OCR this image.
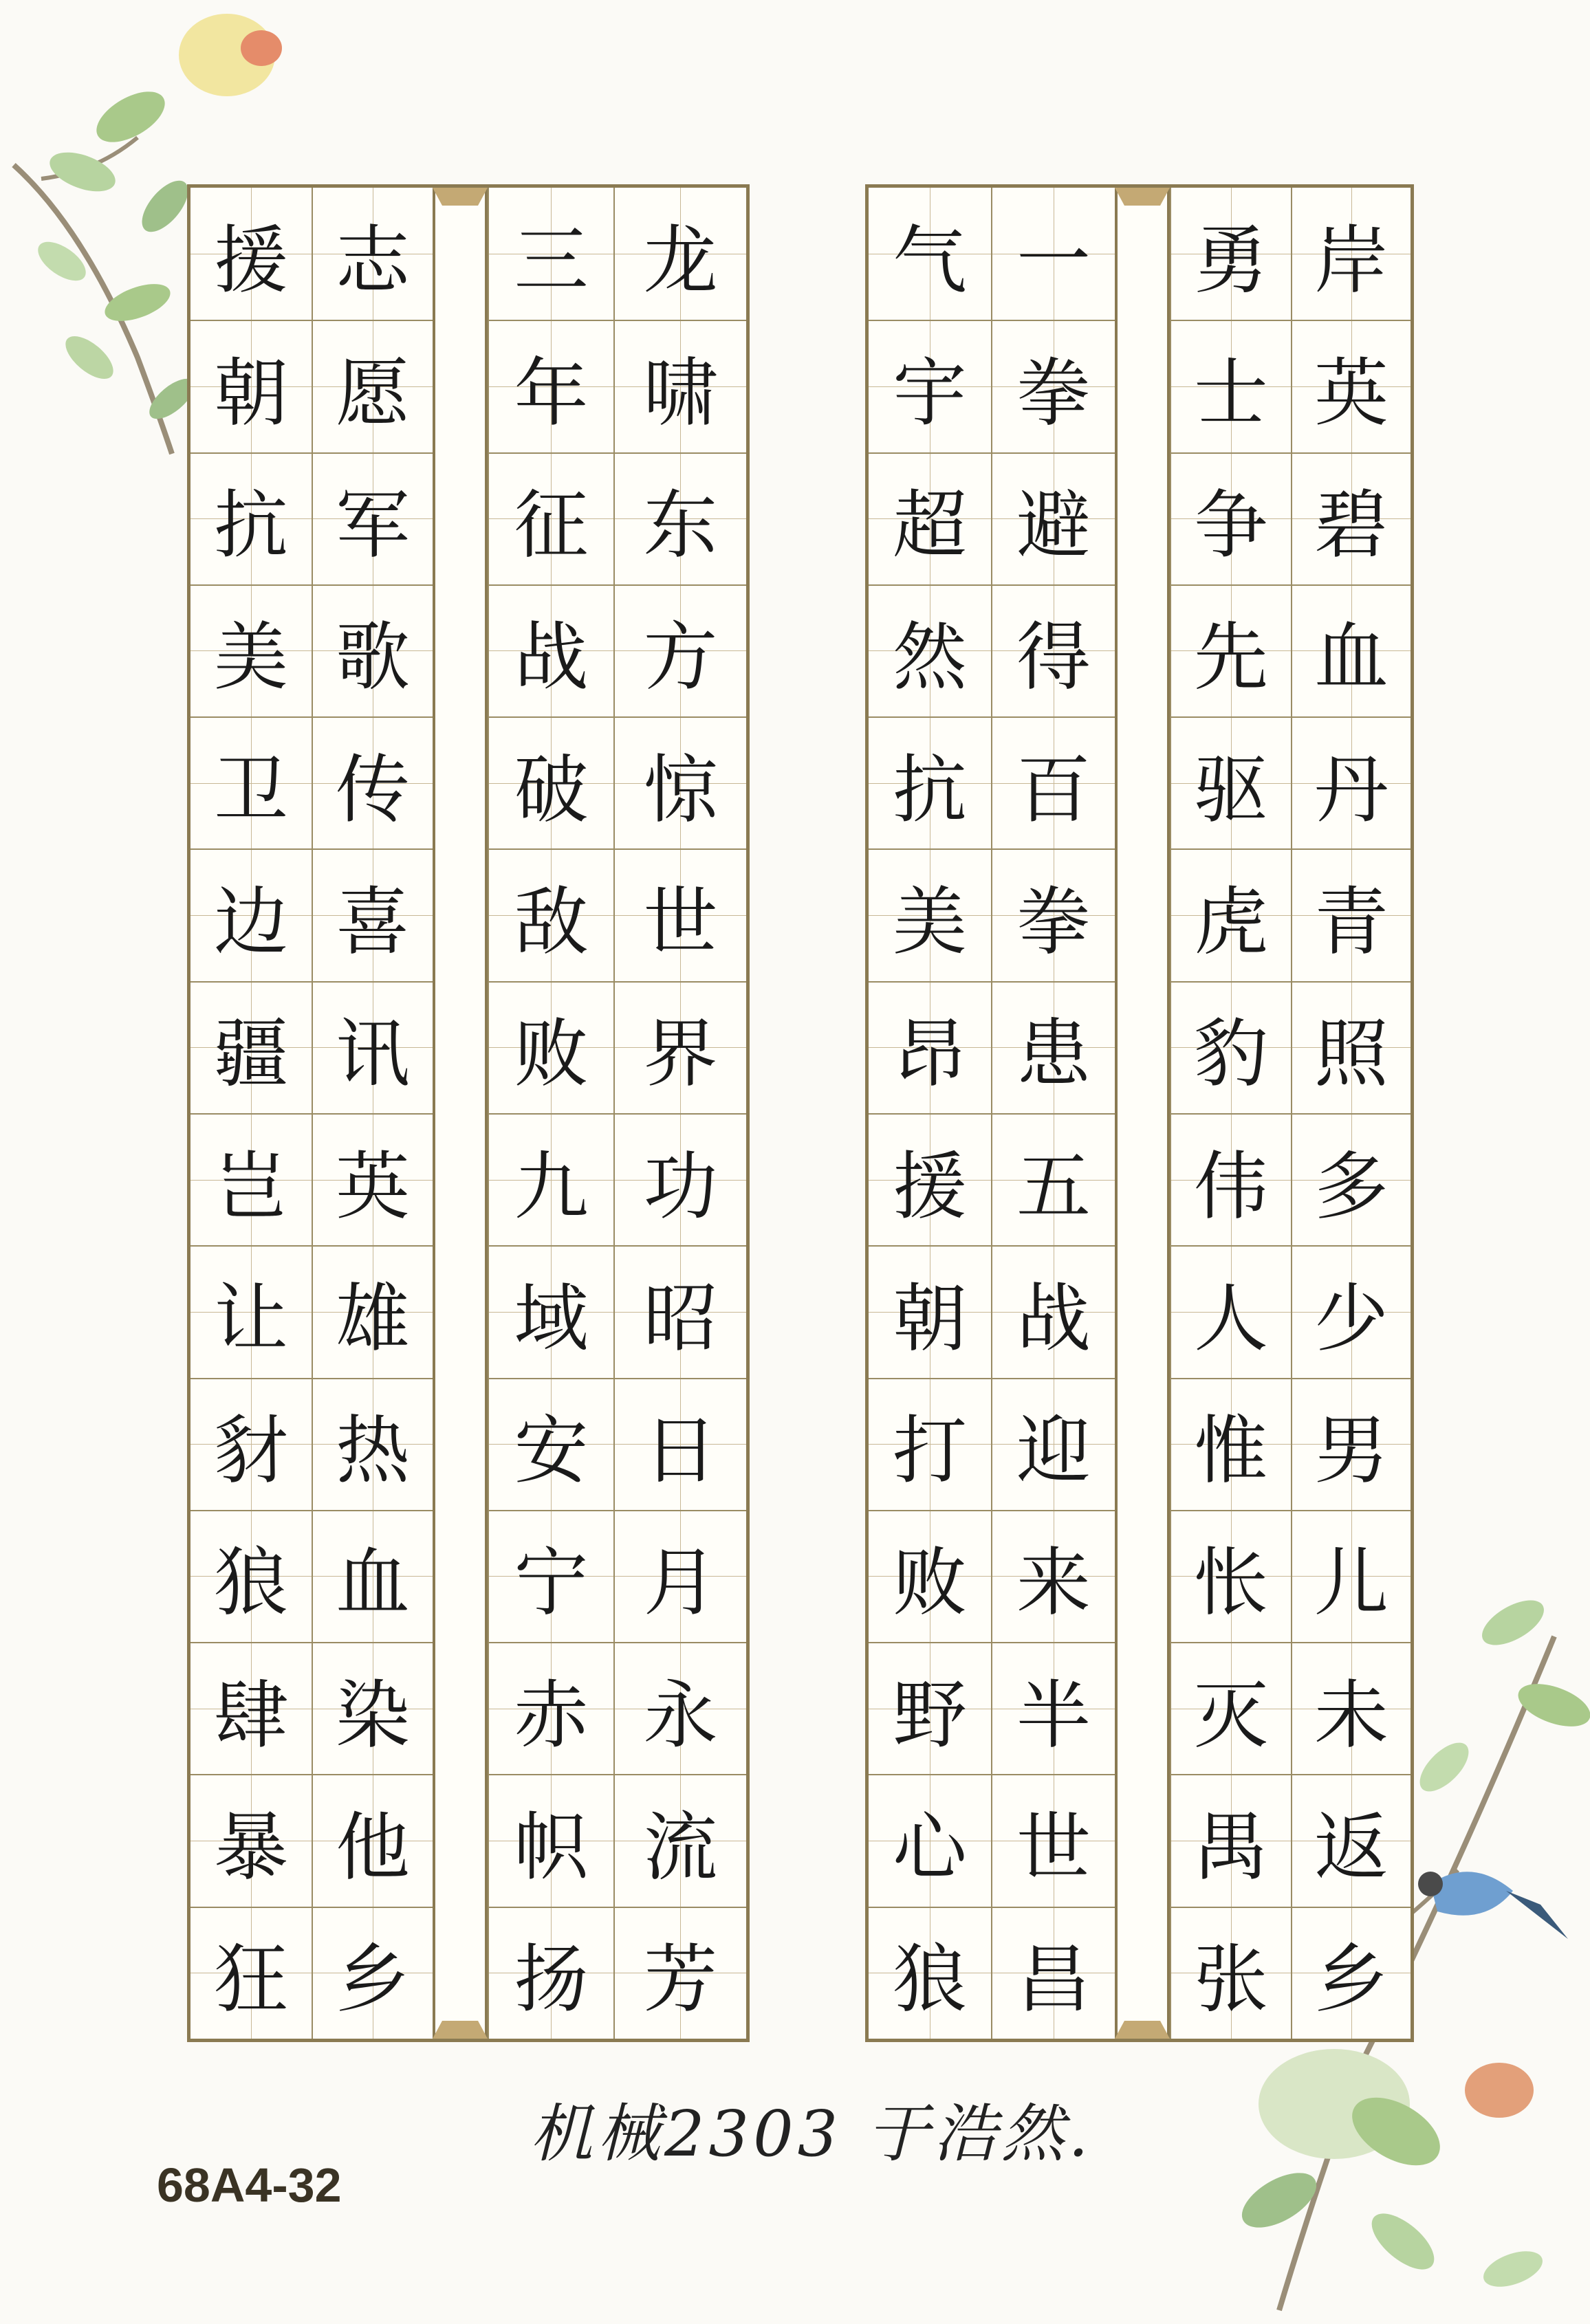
援
朝
抗
美
卫
边
疆
岂
让
豺
狼
肆
暴
狂
志
愿
军
歌
传
喜
讯
英
雄
热
血
染
他
乡
三
年
征
战
破
敌
败
九
域
安
宁
赤
帜
扬
龙
啸
东
方
惊
世
界
功
昭
日
月
永
流
芳
气
宇
超
然
抗
美
昂
援
朝
打
败
野
心
狼
一
拳
避
得
百
拳
患
五
战
迎
来
半
世
昌
勇
士
争
先
驱
虎
豹
伟
人
惟
怅
灭
禺
张
岸
英
碧
血
丹
青
照
多
少
男
儿
未
返
乡
机械2303 于浩然.
68A4-32
